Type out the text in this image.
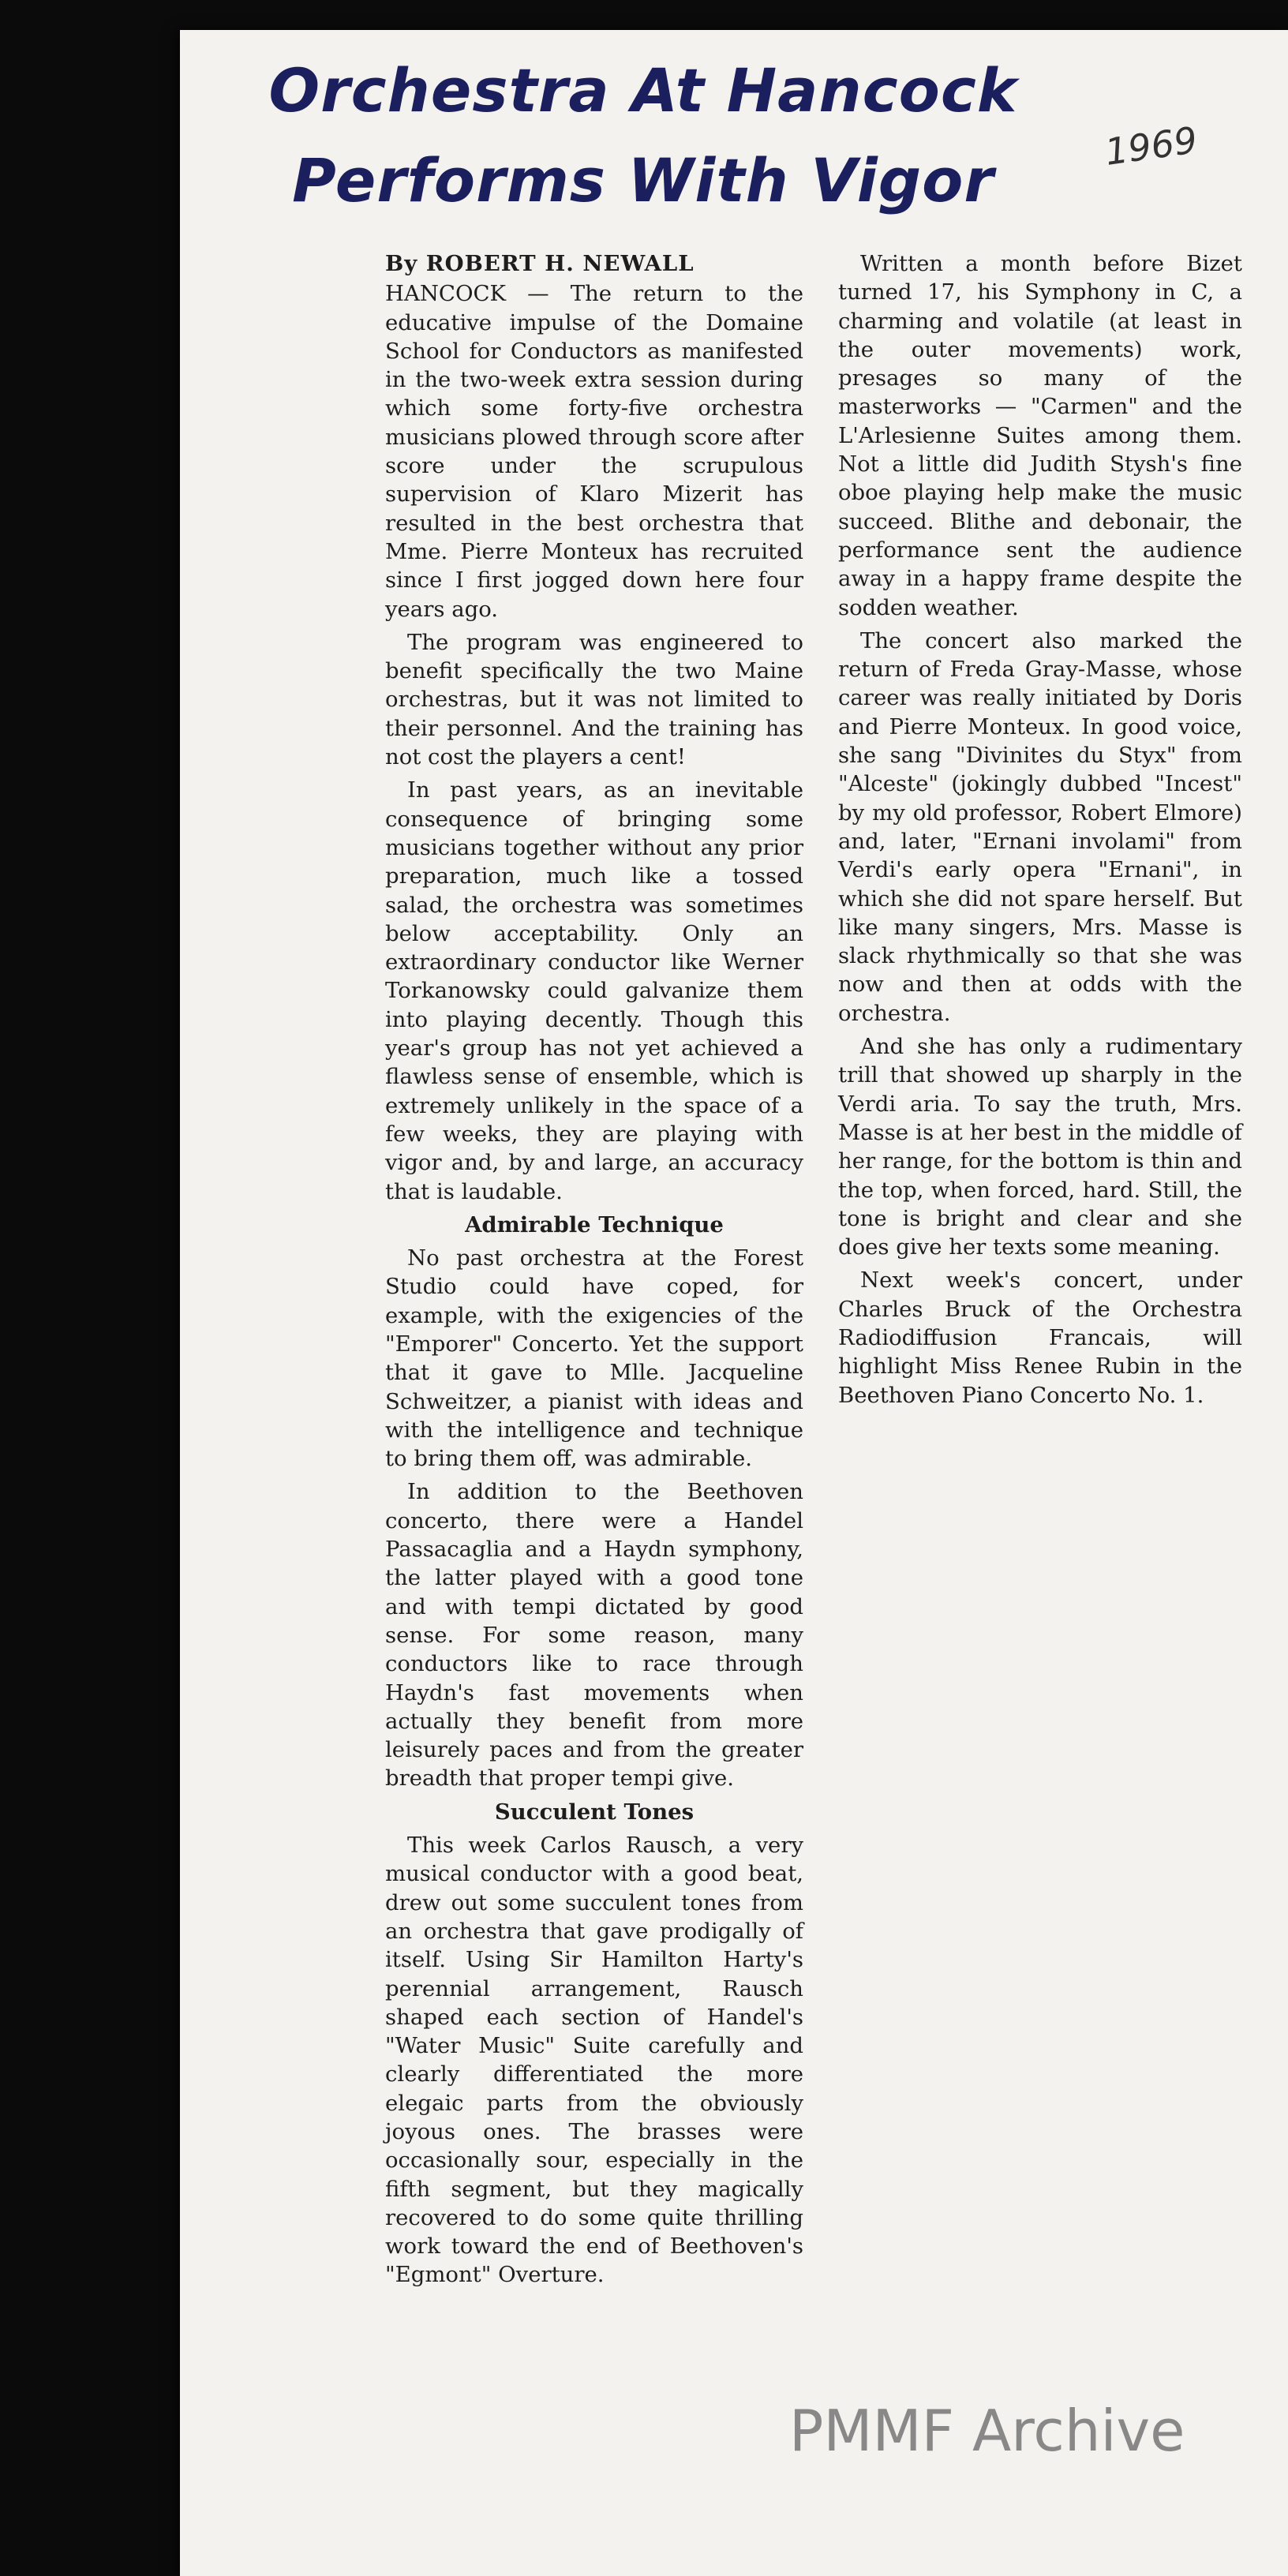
Orchestra At Hancock
Performs With Vigor	1969
By ROBERT H. NEWALL

HANCOCK — The return to the educative impulse of the Domaine School for Conductors as manifested in the two-week extra session during which some forty-five orchestra musicians plowed through score after score under the scrupulous supervision of Klaro Mizerit has resulted in the best orchestra that Mme. Pierre Monteux has recruited since I first jogged down here four years ago.

The program was engineered to benefit specifically the two Maine orchestras, but it was not limited to their personnel. And the training has not cost the players a cent!

In past years, as an inevitable consequence of bringing some musicians together without any prior preparation, much like a tossed salad, the orchestra was sometimes below acceptability. Only an extraordinary conductor like Werner Torkanowsky could galvanize them into playing decently. Though this year's group has not yet achieved a flawless sense of ensemble, which is extremely unlikely in the space of a few weeks, they are playing with vigor and, by and large, an accuracy that is laudable.

Admirable Technique

No past orchestra at the Forest Studio could have coped, for example, with the exigencies of the "Emporer" Concerto. Yet the support that it gave to Mlle. Jacqueline Schweitzer, a pianist with ideas and with the intelligence and technique to bring them off, was admirable.

In addition to the Beethoven concerto, there were a Handel Passacaglia and a Haydn symphony, the latter played with a good tone and with tempi dictated by good sense. For some reason, many conductors like to race through Haydn's fast movements when actually they benefit from more leisurely paces and from the greater breadth that proper tempi give.

Succulent Tones

This week Carlos Rausch, a very musical conductor with a good beat, drew out some succulent tones from an orchestra that gave prodigally of itself. Using Sir Hamilton Harty's perennial arrangement, Rausch shaped each section of Handel's "Water Music" Suite carefully and clearly differentiated the more elegaic parts from the obviously joyous ones. The brasses were occasionally sour, especially in the fifth segment, but they magically recovered to do some quite thrilling work toward the end of Beethoven's "Egmont" Overture.

Written a month before Bizet turned 17, his Symphony in C, a charming and volatile (at least in the outer movements) work, presages so many of the masterworks — "Carmen" and the L'Arlesienne Suites among them. Not a little did Judith Stysh's fine oboe playing help make the music succeed. Blithe and debonair, the performance sent the audience away in a happy frame despite the sodden weather.

The concert also marked the return of Freda Gray-Masse, whose career was really initiated by Doris and Pierre Monteux. In good voice, she sang "Divinites du Styx" from "Alceste" (jokingly dubbed "Incest" by my old professor, Robert Elmore) and, later, "Ernani involami" from Verdi's early opera "Ernani", in which she did not spare herself. But like many singers, Mrs. Masse is slack rhythmically so that she was now and then at odds with the orchestra.

And she has only a rudimentary trill that showed up sharply in the Verdi aria. To say the truth, Mrs. Masse is at her best in the middle of her range, for the bottom is thin and the top, when forced, hard. Still, the tone is bright and clear and she does give her texts some meaning.

Next week's concert, under Charles Bruck of the Orchestra Radiodiffusion Francais, will highlight Miss Renee Rubin in the Beethoven Piano Concerto No. 1.

PMMF Archive
